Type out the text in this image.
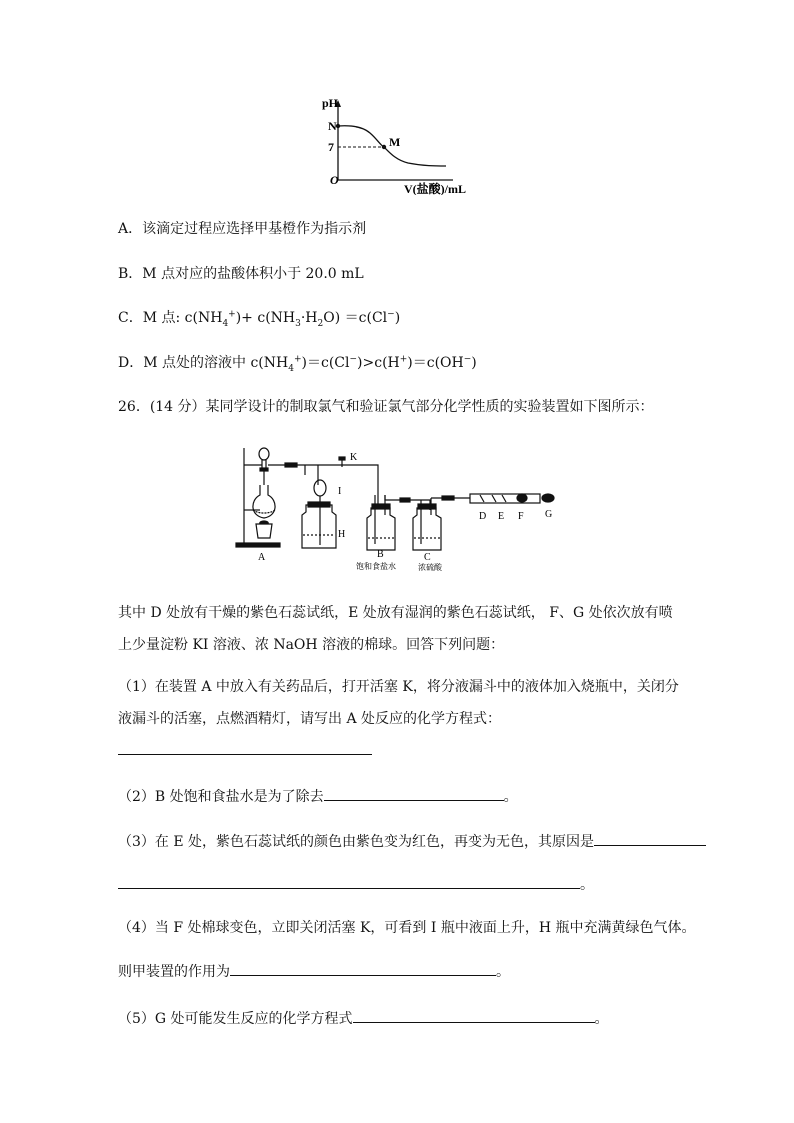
pH
N
7	M
O
V(盐酸)/mL
A．该滴定过程应选择甲基橙作为指示剂
B．M 点对应的盐酸体积小于 20.0 mL
C．M 点: $c(NH_4^+)+ c(NH_3\cdot H_2O) =c(Cl^-)$
D．M 点处的溶液中 $c(NH_4^+)=c(Cl^-)>c(H^+)=c(OH^-)$
26．(14 分）某同学设计的制取氯气和验证氯气部分化学性质的实验装置如下图所示：
K
I
H
A	B
饱和食盐水
C
浓硫酸
D E F G
其中 D 处放有干燥的紫色石蕊试纸，E 处放有湿润的紫色石蕊试纸， F、G 处依次放有喷
上少量淀粉 KI 溶液、浓 NaOH 溶液的棉球。回答下列问题：
（1）在装置 A 中放入有关药品后，打开活塞 K，将分液漏斗中的液体加入烧瓶中，关闭分
液漏斗的活塞，点燃酒精灯，请写出 A 处反应的化学方程式：
（2）B 处饱和食盐水是为了除去	。
（3）在 E 处，紫色石蕊试纸的颜色由紫色变为红色，再变为无色，其原因是
。
（4）当 F 处棉球变色，立即关闭活塞 K，可看到 I 瓶中液面上升，H 瓶中充满黄绿色气体。
则甲装置的作用为	。
（5）G 处可能发生反应的化学方程式	。
